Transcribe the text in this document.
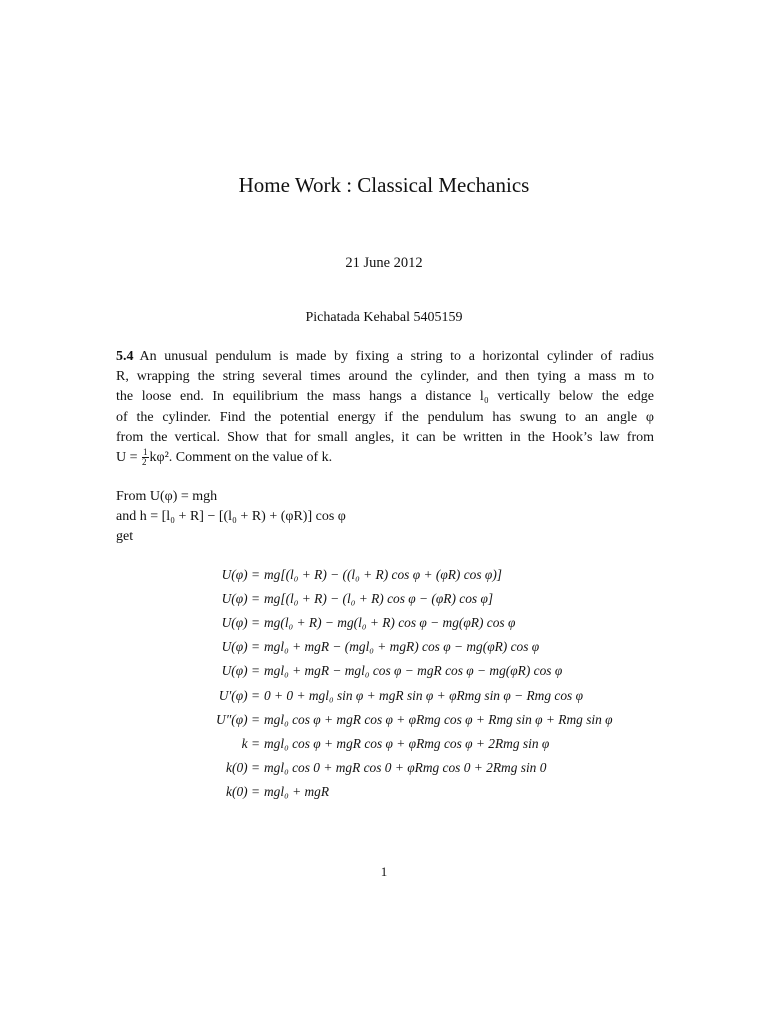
Home Work : Classical Mechanics
21 June 2012
Pichatada Kehabal 5405159
5.4 An unusual pendulum is made by fixing a string to a horizontal cylinder of radius
R, wrapping the string several times around the cylinder, and then tying a mass m to
the loose end. In equilibrium the mass hangs a distance l₀ vertically below the edge
of the cylinder. Find the potential energy if the pendulum has swung to an angle φ
from the vertical. Show that for small angles, it can be written in the Hook’s law from
$U = \frac{1}{2} k\varphi^2$. Comment on the value of k.
From U(φ) = mgh
and h = [l₀ + R] − [(l₀ + R) + (φR)] cos φ
get
U(φ) = mg[(l₀ + R) − ((l₀ + R) cos φ + (φR) cos φ)]
U(φ) = mg[(l₀ + R) − (l₀ + R) cos φ − (φR) cos φ]
U(φ) = mg(l₀ + R) − mg(l₀ + R) cos φ − mg(φR) cos φ
U(φ) = mgl₀ + mgR − (mgl₀ + mgR) cos φ − mg(φR) cos φ
U(φ) = mgl₀ + mgR − mgl₀ cos φ − mgR cos φ − mg(φR) cos φ
U′(φ) = 0 + 0 + mgl₀ sin φ + mgR sin φ + φRmg sin φ − Rmg cos φ
U″(φ) = mgl₀ cos φ + mgR cos φ + φRmg cos φ + Rmg sin φ + Rmg sin φ
k = mgl₀ cos φ + mgR cos φ + φRmg cos φ + 2Rmg sin φ
k(0) = mgl₀ cos 0 + mgR cos 0 + φRmg cos 0 + 2Rmg sin 0
k(0) = mgl₀ + mgR
1
